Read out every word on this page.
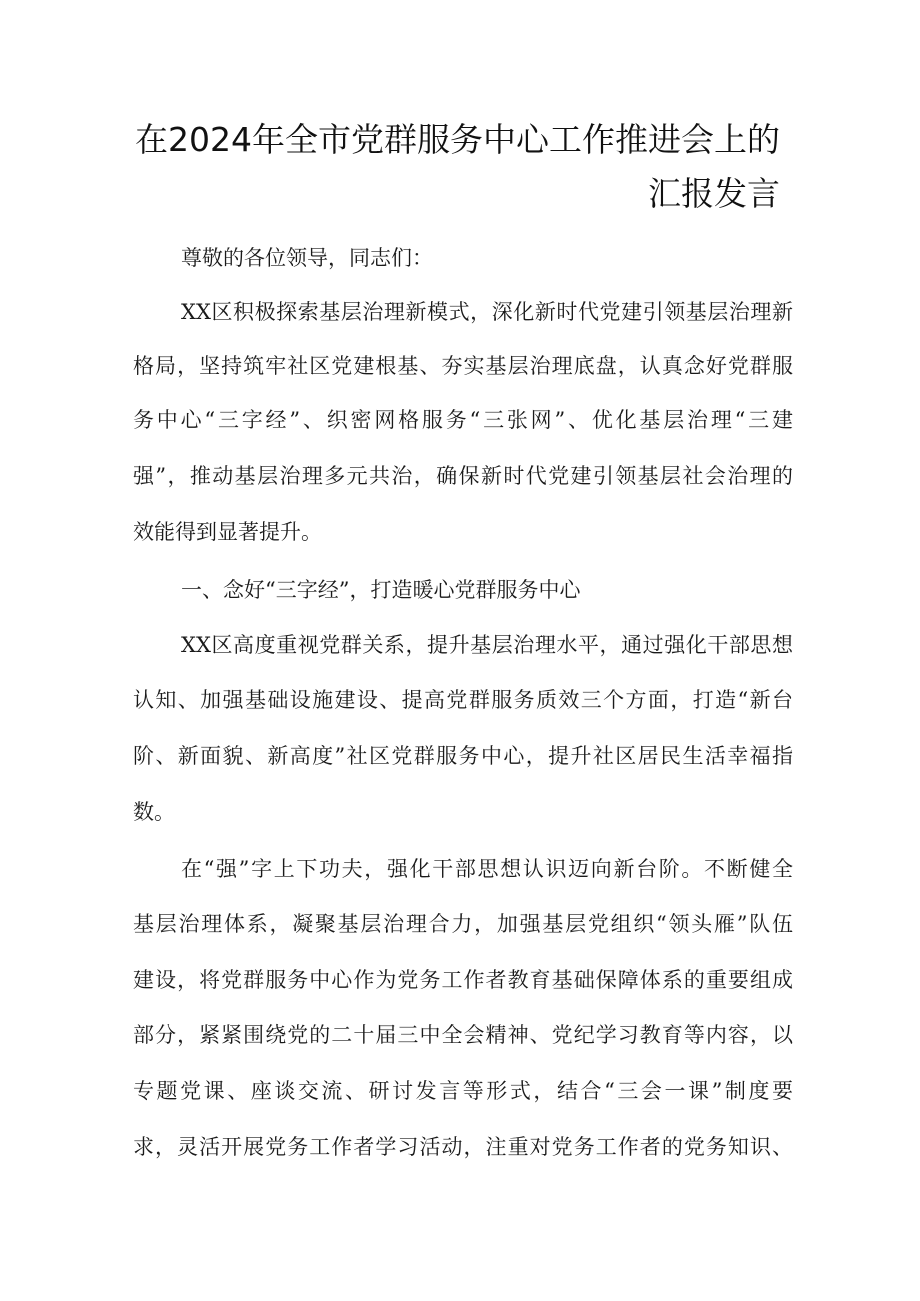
在2024年全市党群服务中心工作推进会上的
汇报发言
尊敬的各位领导，同志们：
XX区积极探索基层治理新模式，深化新时代党建引领基层治理新
格局，坚持筑牢社区党建根基、夯实基层治理底盘，认真念好党群服
务中心“三字经”、织密网格服务“三张网”、优化基层治理“三建
强”，推动基层治理多元共治，确保新时代党建引领基层社会治理的
效能得到显著提升。
一、念好“三字经”，打造暖心党群服务中心
XX区高度重视党群关系，提升基层治理水平，通过强化干部思想
认知、加强基础设施建设、提高党群服务质效三个方面，打造“新台
阶、新面貌、新高度”社区党群服务中心，提升社区居民生活幸福指
数。
在“强”字上下功夫，强化干部思想认识迈向新台阶。不断健全
基层治理体系，凝聚基层治理合力，加强基层党组织“领头雁”队伍
建设，将党群服务中心作为党务工作者教育基础保障体系的重要组成
部分，紧紧围绕党的二十届三中全会精神、党纪学习教育等内容，以
专题党课、座谈交流、研讨发言等形式，结合“三会一课”制度要
求，灵活开展党务工作者学习活动，注重对党务工作者的党务知识、
